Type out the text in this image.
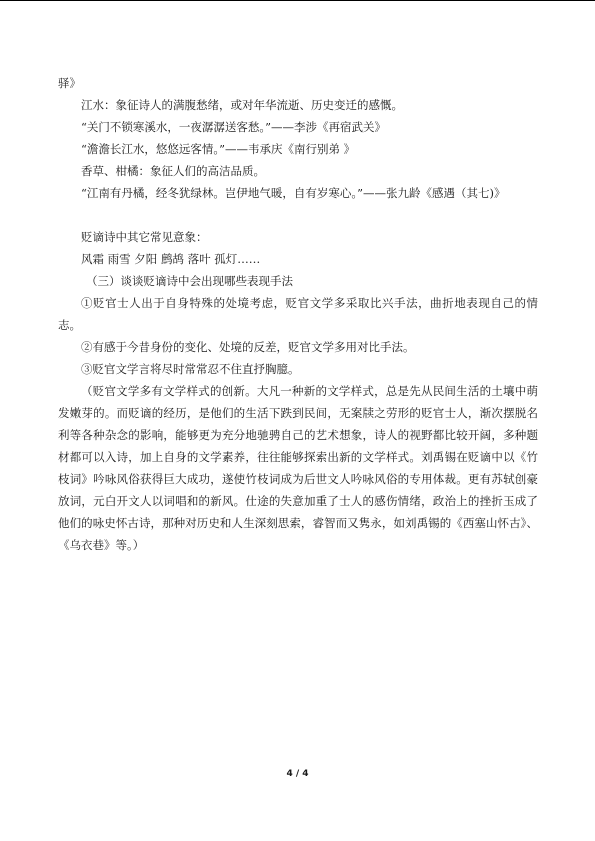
驿》
江水：象征诗人的满腹愁绪，或对年华流逝、历史变迁的感慨。
“关门不锁寒溪水，一夜潺潺送客愁。”——李涉《再宿武关》
“澹澹长江水，悠悠远客情。”——韦承庆《南行别弟 》
香草、柑橘：象征人们的高洁品质。
“江南有丹橘，经冬犹绿林。岂伊地气暖，自有岁寒心。”——张九龄《感遇（其七)》
贬谪诗中其它常见意象：
风霜 雨雪 夕阳 鹧鸪 落叶 孤灯……
（三）谈谈贬谪诗中会出现哪些表现手法
①贬官士人出于自身特殊的处境考虑，贬官文学多采取比兴手法，曲折地表现自己的情志。
②有感于今昔身份的变化、处境的反差，贬官文学多用对比手法。
③贬官文学言将尽时常常忍不住直抒胸臆。
（贬官文学多有文学样式的创新。大凡一种新的文学样式，总是先从民间生活的土壤中萌发嫩芽的。而贬谪的经历，是他们的生活下跌到民间，无案牍之劳形的贬官士人，渐次摆脱名利等各种杂念的影响，能够更为充分地驰骋自己的艺术想象，诗人的视野都比较开阔，多种题材都可以入诗，加上自身的文学素养，往往能够探索出新的文学样式。刘禹锡在贬谪中以《竹枝词》吟咏风俗获得巨大成功，遂使竹枝词成为后世文人吟咏风俗的专用体裁。更有苏轼创豪放词，元白开文人以词唱和的新风。仕途的失意加重了士人的感伤情绪，政治上的挫折玉成了他们的咏史怀古诗，那种对历史和人生深刻思索，睿智而又隽永，如刘禹锡的《西塞山怀古》、《乌衣巷》等。）
4 / 4
